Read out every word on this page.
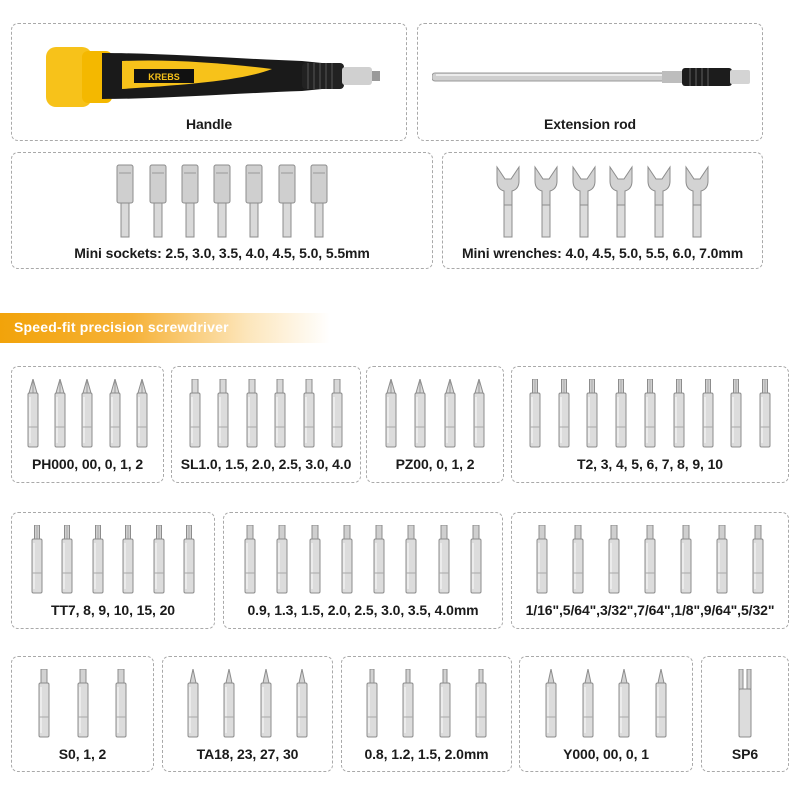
KREBS
Handle	Extension rod
Mini sockets: 2.5, 3.0, 3.5, 4.0, 4.5, 5.0, 5.5mm	Mini wrenches: 4.0, 4.5, 5.0, 5.5, 6.0, 7.0mm
Speed-fit precision screwdriver
PH000, 00, 0, 1, 2	SL1.0, 1.5, 2.0, 2.5, 3.0, 4.0	PZ00, 0, 1, 2	T2, 3, 4, 5, 6, 7, 8, 9, 10
TT7, 8, 9, 10, 15, 20	0.9, 1.3, 1.5, 2.0, 2.5, 3.0, 3.5, 4.0mm	1/16",5/64",3/32",7/64",1/8",9/64",5/32"
S0, 1, 2	TA18, 23, 27, 30	0.8, 1.2, 1.5, 2.0mm	Y000, 00, 0, 1	SP6
